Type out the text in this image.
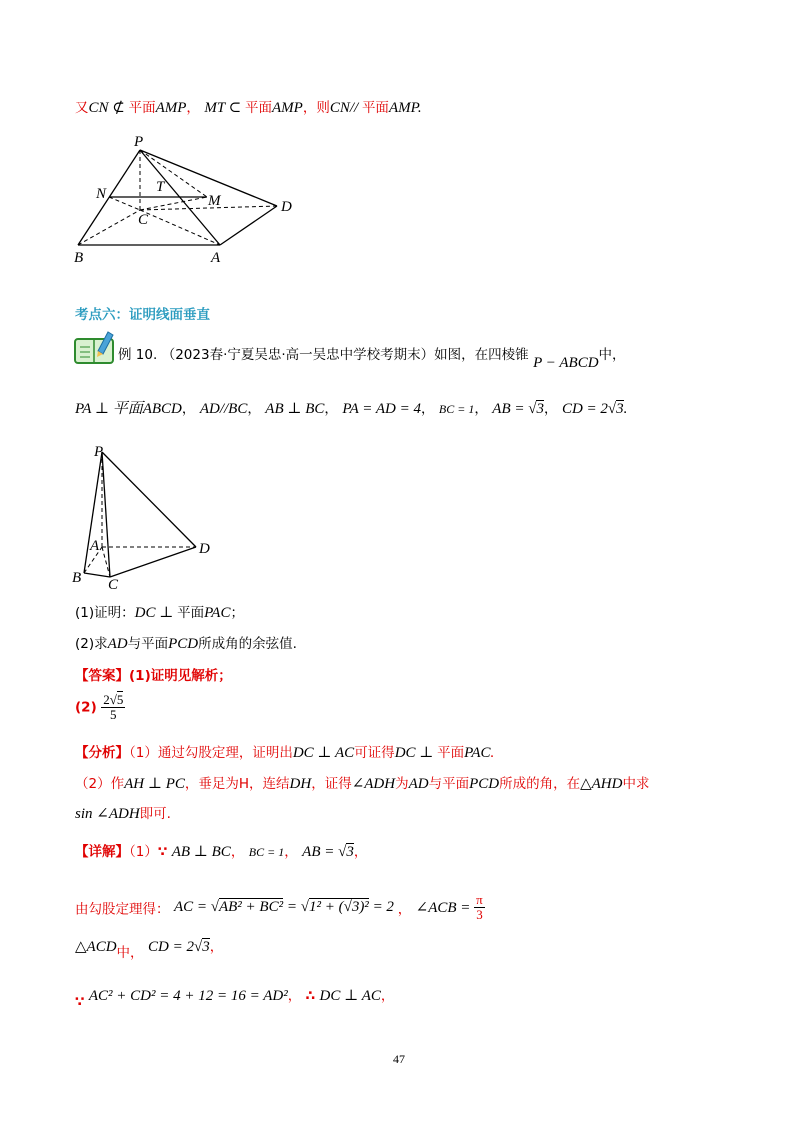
又CN ⊄ 平面AMP， MT ⊂ 平面AMP，则CN// 平面AMP.
P
N	T
M
C
D
B	A
考点六：证明线面垂直
例 10. （2023春·宁夏吴忠·高一吴忠中学校考期末）如图，在四棱锥 P − ABCD中，
PA ⊥ 平面ABCD， AD//BC， AB ⊥ BC， PA = AD = 4， BC = 1， AB = √3， CD = 2√3.
P
A	D
B C
(1)证明：DC ⊥ 平面PAC；
(2)求AD与平面PCD所成角的余弦值.
【答案】(1)证明见解析；
$(2) \frac{2√5}{5}$
【分析】（1）通过勾股定理，证明出DC ⊥ AC可证得DC ⊥ 平面PAC.
（2）作AH ⊥ PC，垂足为H，连结DH，证得∠ADH为AD与平面PCD所成的角，在△AHD中求
sin ∠ADH即可.
【详解】（1）∵ AB ⊥ BC， BC = 1， AB = √3，
由勾股定理得： AC = √AB² + BC² = √1² + (√3)² = 2 ， ∠ACB = $\frac{\pi}{3}$
△ACD中， CD = 2√3，
∵ AC² + CD² = 4 + 12 = 16 = AD²， ∴ DC ⊥ AC，
47
